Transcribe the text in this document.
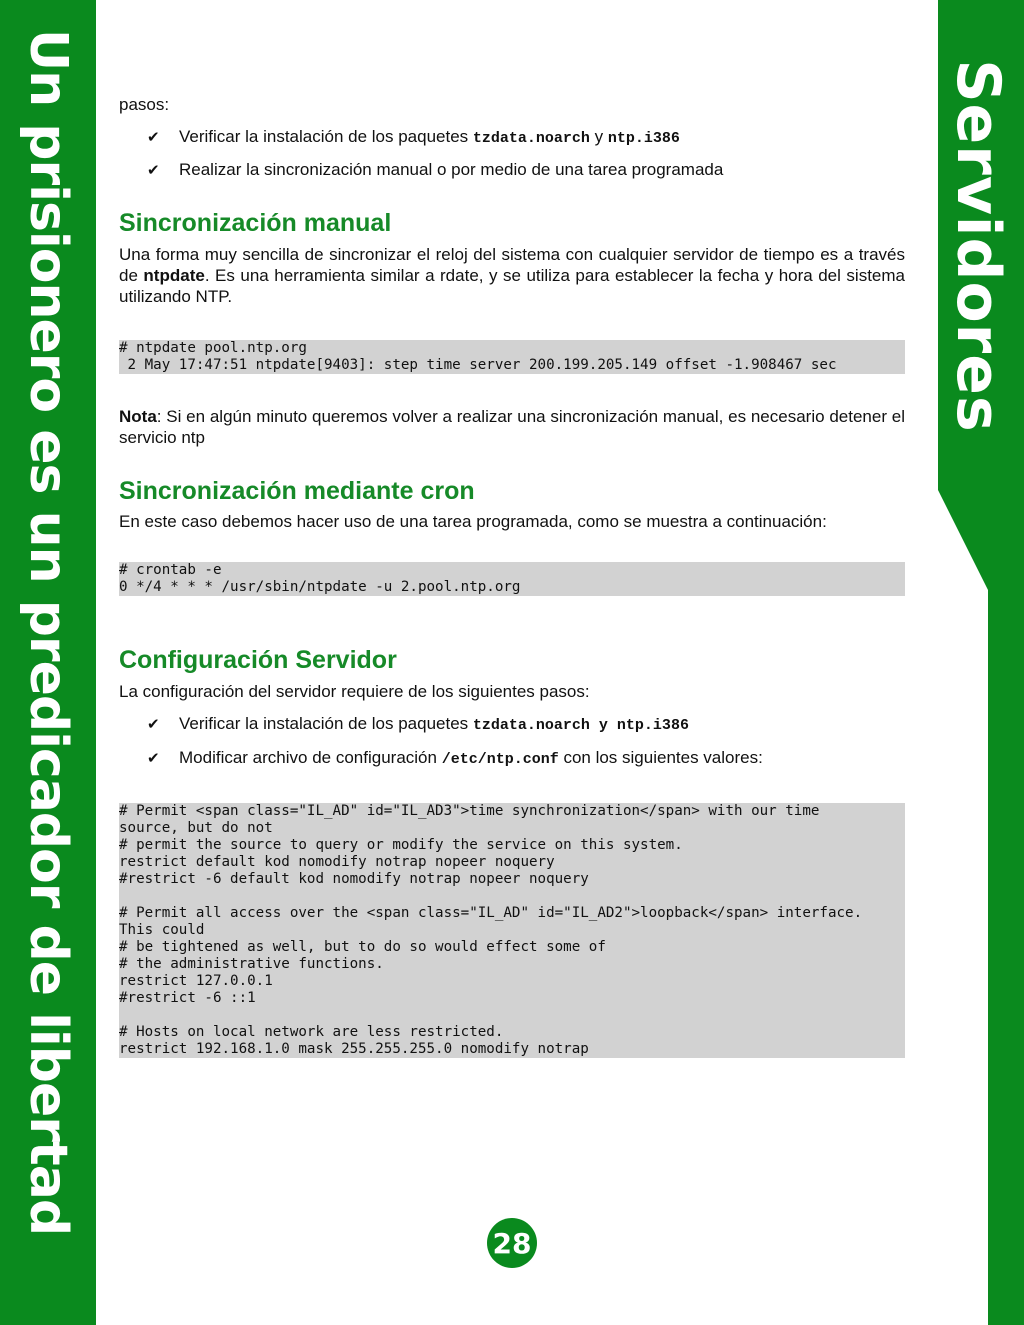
Un prisionero es un predicador de libertad	Servidores

pasos:

✔	Verificar la instalación de los paquetes tzdata.noarch y ntp.i386
✔	Realizar la sincronización manual o por medio de una tarea programada
Sincronización manual

Una forma muy sencilla de sincronizar el reloj del sistema con cualquier servidor de tiempo es a través de ntpdate. Es una herramienta similar a rdate, y se utiliza para establecer la fecha y hora del sistema utilizando NTP.

# ntpdate pool.ntp.org
2 May 17:47:51 ntpdate[9403]: step time server 200.199.205.149 offset -1.908467 sec

Nota: Si en algún minuto queremos volver a realizar una sincronización manual, es necesario detener el servicio ntp

Sincronización mediante cron

En este caso debemos hacer uso de una tarea programada, como se muestra a continuación:

# crontab -e
0 */4 * * * /usr/sbin/ntpdate -u 2.pool.ntp.org
Configuración Servidor

La configuración del servidor requiere de los siguientes pasos:

✔	Verificar la instalación de los paquetes tzdata.noarch y ntp.i386
✔	Modificar archivo de configuración /etc/ntp.conf con los siguientes valores:
# Permit <span class="IL_AD" id="IL_AD3">time synchronization</span> with our time
source, but do not
# permit the source to query or modify the service on this system.
restrict default kod nomodify notrap nopeer noquery
#restrict -6 default kod nomodify notrap nopeer noquery

# Permit all access over the <span class="IL_AD" id="IL_AD2">loopback</span> interface.
This could
# be tightened as well, but to do so would effect some of
# the administrative functions.
restrict 127.0.0.1
#restrict -6 ::1

# Hosts on local network are less restricted.
restrict 192.168.1.0 mask 255.255.255.0 nomodify notrap
28
